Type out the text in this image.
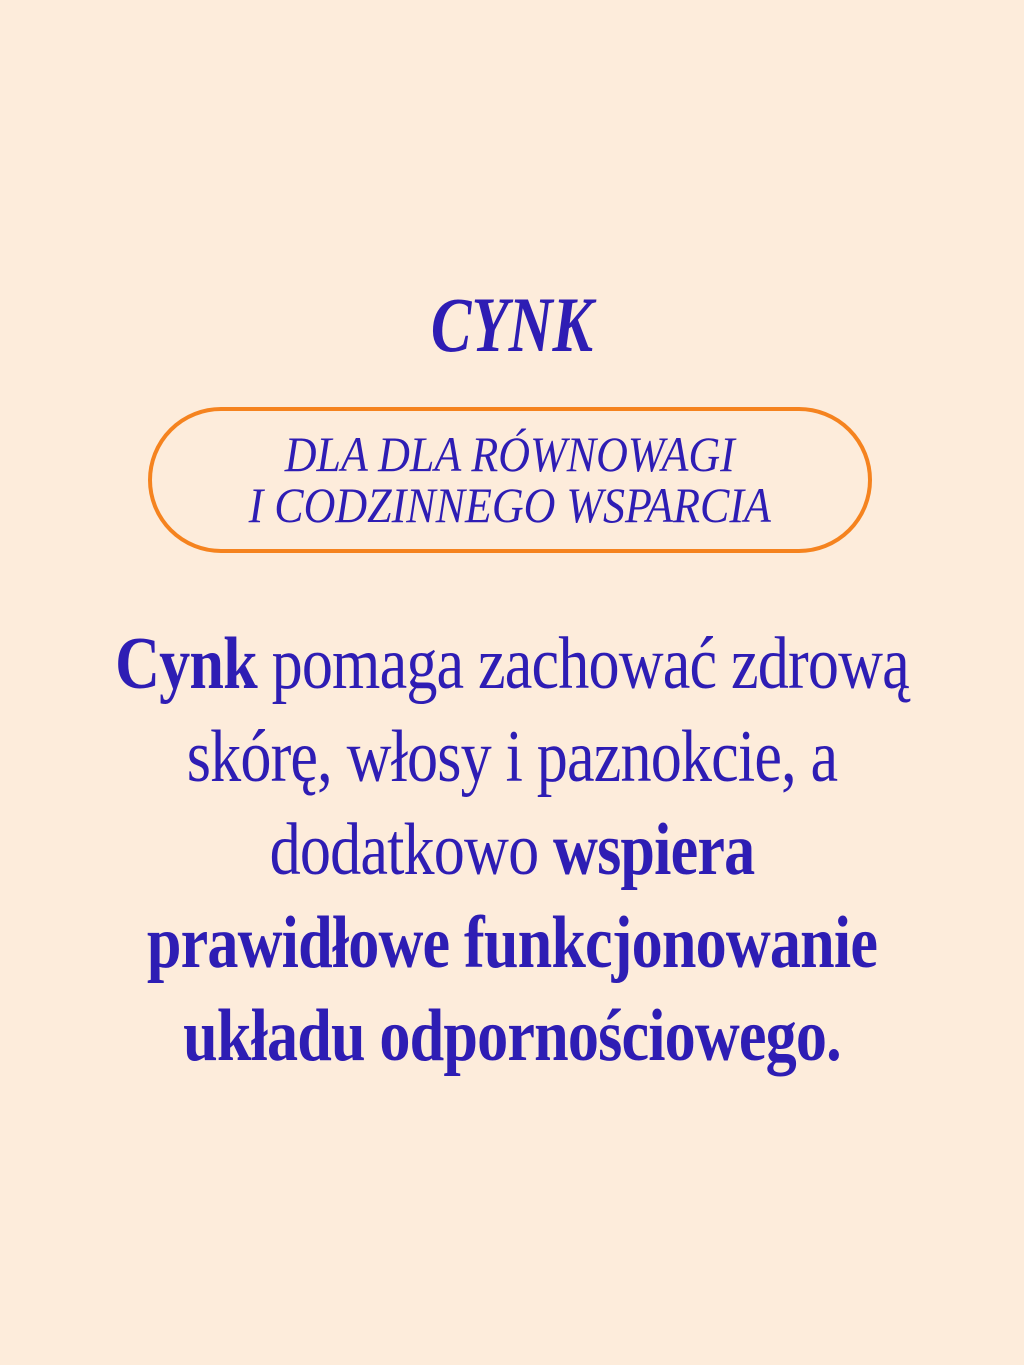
CYNK
DLA DLA RÓWNOWAGI
I CODZINNEGO WSPARCIA
Cynk pomaga zachować zdrową
skórę, włosy i paznokcie, a
dodatkowo wspiera
prawidłowe funkcjonowanie
układu odpornościowego.
